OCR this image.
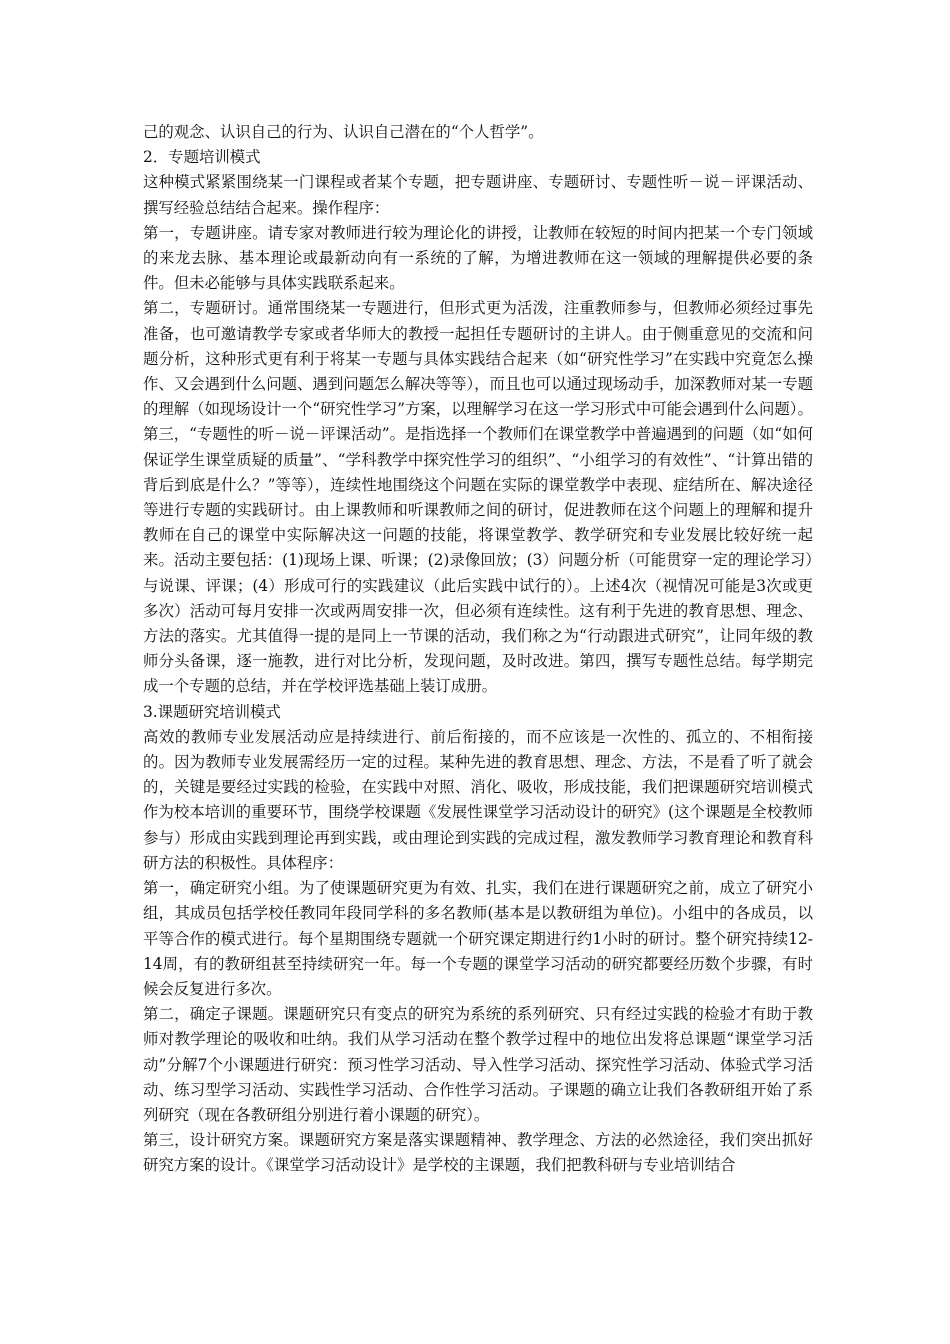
己的观念、认识自己的行为、认识自己潜在的“个人哲学”。

2．专题培训模式

这种模式紧紧围绕某一门课程或者某个专题，把专题讲座、专题研讨、专题性听－说－评课活动、撰写经验总结结合起来。操作程序：

第一，专题讲座。请专家对教师进行较为理论化的讲授，让教师在较短的时间内把某一个专门领域的来龙去脉、基本理论或最新动向有一系统的了解，为增进教师在这一领域的理解提供必要的条件。但未必能够与具体实践联系起来。

第二，专题研讨。通常围绕某一专题进行，但形式更为活泼，注重教师参与，但教师必须经过事先准备，也可邀请教学专家或者华师大的教授一起担任专题研讨的主讲人。由于侧重意见的交流和问题分析，这种形式更有利于将某一专题与具体实践结合起来（如“研究性学习”在实践中究竟怎么操作、又会遇到什么问题、遇到问题怎么解决等等），而且也可以通过现场动手，加深教师对某一专题的理解（如现场设计一个“研究性学习”方案，以理解学习在这一学习形式中可能会遇到什么问题）。

第三，“专题性的听－说－评课活动”。是指选择一个教师们在课堂教学中普遍遇到的问题（如“如何保证学生课堂质疑的质量”、“学科教学中探究性学习的组织”、“小组学习的有效性”、“计算出错的背后到底是什么？”等等），连续性地围绕这个问题在实际的课堂教学中表现、症结所在、解决途径等进行专题的实践研讨。由上课教师和听课教师之间的研讨，促进教师在这个问题上的理解和提升教师在自己的课堂中实际解决这一问题的技能，将课堂教学、教学研究和专业发展比较好统一起来。活动主要包括：(1)现场上课、听课；(2)录像回放；(3）问题分析（可能贯穿一定的理论学习）与说课、评课；(4）形成可行的实践建议（此后实践中试行的）。上述4次（视情况可能是3次或更多次）活动可每月安排一次或两周安排一次，但必须有连续性。这有利于先进的教育思想、理念、方法的落实。尤其值得一提的是同上一节课的活动，我们称之为“行动跟进式研究”，让同年级的教师分头备课，逐一施教，进行对比分析，发现问题，及时改进。第四，撰写专题性总结。每学期完成一个专题的总结，并在学校评选基础上装订成册。

3.课题研究培训模式

高效的教师专业发展活动应是持续进行、前后衔接的，而不应该是一次性的、孤立的、不相衔接的。因为教师专业发展需经历一定的过程。某种先进的教育思想、理念、方法，不是看了听了就会的，关键是要经过实践的检验，在实践中对照、消化、吸收，形成技能，我们把课题研究培训模式作为校本培训的重要环节，围绕学校课题《发展性课堂学习活动设计的研究》(这个课题是全校教师参与）形成由实践到理论再到实践，或由理论到实践的完成过程，激发教师学习教育理论和教育科研方法的积极性。具体程序：

第一，确定研究小组。为了使课题研究更为有效、扎实，我们在进行课题研究之前，成立了研究小组，其成员包括学校任教同年段同学科的多名教师(基本是以教研组为单位)。小组中的各成员，以平等合作的模式进行。每个星期围绕专题就一个研究课定期进行约1小时的研讨。整个研究持续12-14周，有的教研组甚至持续研究一年。每一个专题的课堂学习活动的研究都要经历数个步骤，有时候会反复进行多次。

第二，确定子课题。课题研究只有变点的研究为系统的系列研究、只有经过实践的检验才有助于教师对教学理论的吸收和吐纳。我们从学习活动在整个教学过程中的地位出发将总课题“课堂学习活动”分解7个小课题进行研究：预习性学习活动、导入性学习活动、探究性学习活动、体验式学习活动、练习型学习活动、实践性学习活动、合作性学习活动。子课题的确立让我们各教研组开始了系列研究（现在各教研组分别进行着小课题的研究）。

第三，设计研究方案。课题研究方案是落实课题精神、教学理念、方法的必然途径，我们突出抓好研究方案的设计。《课堂学习活动设计》是学校的主课题，我们把教科研与专业培训结合
